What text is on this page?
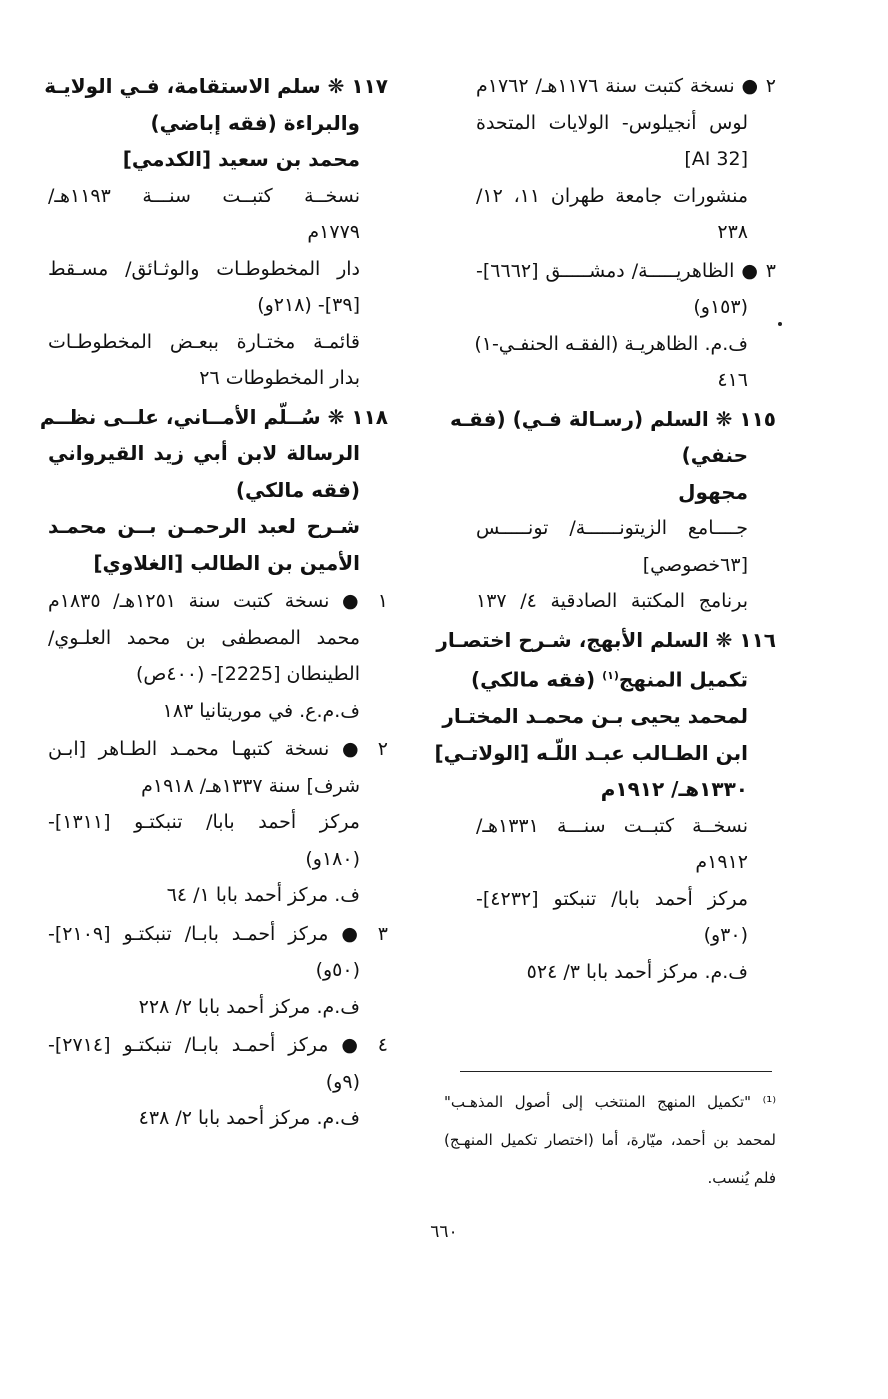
٢ ● نسخة كتبت سنة ١١٧٦هـ/ ١٧٦٢م
لوس أنجيلوس- الولايات المتحدة
[AI 32]
منشورات جامعة طهران ١١، ١٢/
٢٣٨
٣ ● الظاهريـــــة/ دمشـــــق [٦٦٦٢]-
(١٥٣و)
ف.م. الظاهريـة (الفقـه الحنفـي-١)
٤١٦
١١٥ ❋ السلم (رسـالة فـي) (فقـه
حنفي)
مجهول
جــــامع الزيتونــــــة/ تونـــــس
[٦٣خصوصي]
برنامج المكتبة الصادقية ٤/ ١٣٧
١١٦ ❋ السلم الأبهج، شـرح اختصـار
تكميل المنهج$^{(١)}$ (فقه مالكي)
لمحمد يحيى بـن محمـد المختـار
ابن الطـالب عبـد اللّـه [الولاتـي]
١٣٣٠هـ/ ١٩١٢م
نسخــة كتبــت سنـــة ١٣٣١هـ/
١٩١٢م
مركز أحمد بابا/ تنبكتو [٤٢٣٢]-
(٣٠و)
ف.م. مركز أحمد بابا ٣/ ٥٢٤
١١٧ ❋ سلم الاستقامة، فـي الولايـة
والبراءة (فقه إباضي)
محمد بن سعيد [الكدمي]
نسخــة كتبــت سنـــة ١١٩٣هـ/
١٧٧٩م
دار المخطوطـات والوثـائق/ مسـقط
[٣٩]- (٢١٨و)
قائمـة مختـارة ببعـض المخطوطـات
بدار المخطوطات ٢٦
١١٨ ❋ سُــلّم الأمــاني، علــى نظــم
الرسالة لابن أبي زيد القيرواني
(فقه مالكي)
شـرح لعبد الرحمـن بــن محمـد
الأمين بن الطالب [الغلاوي]
١ ● نسخة كتبت سنة ١٢٥١هـ/ ١٨٣٥م
محمد المصطفى بن محمد العلـوي/
الطينطان [2225]- (٤٠٠ص)
ف.م.ع. في موريتانيا ١٨٣
٢ ● نسخة كتبهـا محمـد الطـاهر [ابـن
شرف] سنة ١٣٣٧هـ/ ١٩١٨م
مركز أحمد بابا/ تنبكتـو [١٣١١]-
(١٨٠و)
ف. مركز أحمد بابا ١/ ٦٤
٣ ● مركز أحمـد بابـا/ تنبكتـو [٢١٠٩]-
(٥٠و)
ف.م. مركز أحمد بابا ٢/ ٢٢٨
٤ ● مركز أحمـد بابـا/ تنبكتـو [٢٧١٤]-
(٩و)
ف.م. مركز أحمد بابا ٢/ ٤٣٨
⁽¹⁾ "تكميل المنهج المنتخب إلى أصول المذهـب"
لمحمد بن أحمد، ميّارة، أما (اختصار تكميل المنهـج)
فلم يُنسب.
٦٦٠
